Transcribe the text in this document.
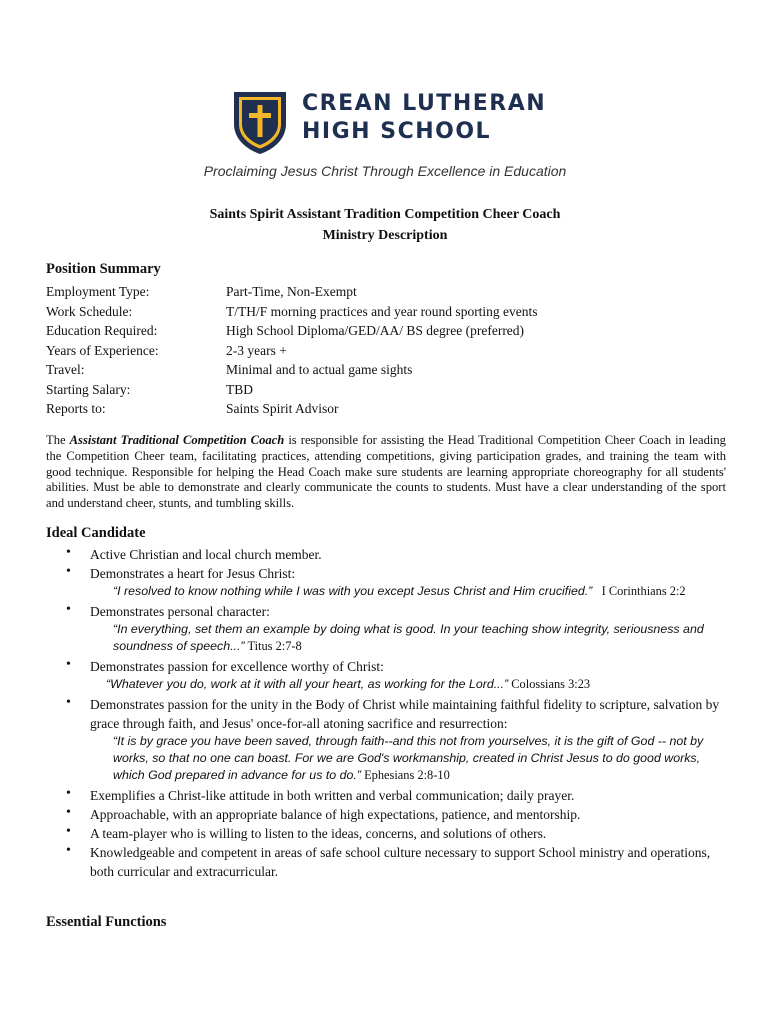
CREAN LUTHERAN
HIGH SCHOOL
Proclaiming Jesus Christ Through Excellence in Education
Saints Spirit Assistant Tradition Competition Cheer Coach
Ministry Description
Position Summary
Employment Type:	Part-Time, Non-Exempt
Work Schedule:	T/TH/F morning practices and year round sporting events
Education Required:	High School Diploma/GED/AA/ BS degree (preferred)
Years of Experience:	2-3 years +
Travel:	Minimal and to actual game sights
Starting Salary:	TBD
Reports to:	Saints Spirit Advisor
The Assistant Traditional Competition Coach is responsible for assisting the Head Traditional Competition Cheer Coach in leading the Competition Cheer team, facilitating practices, attending competitions, giving participation grades, and training the team with good technique. Responsible for helping the Head Coach make sure students are learning appropriate choreography for all students' abilities. Must be able to demonstrate and clearly communicate the counts to students. Must have a clear understanding of the sport and understand cheer, stunts, and tumbling skills.
Ideal Candidate
• Active Christian and local church member.
• Demonstrates a heart for Jesus Christ:
“I resolved to know nothing while I was with you except Jesus Christ and Him crucified.” I Corinthians 2:2
• Demonstrates personal character:
“In everything, set them an example by doing what is good. In your teaching show integrity, seriousness and soundness of speech...” Titus 2:7-8
• Demonstrates passion for excellence worthy of Christ:
“Whatever you do, work at it with all your heart, as working for the Lord...” Colossians 3:23
• Demonstrates passion for the unity in the Body of Christ while maintaining faithful fidelity to scripture, salvation by grace through faith, and Jesus' once-for-all atoning sacrifice and resurrection:
“It is by grace you have been saved, through faith--and this not from yourselves, it is the gift of God -- not by works, so that no one can boast. For we are God's workmanship, created in Christ Jesus to do good works, which God prepared in advance for us to do.” Ephesians 2:8-10
• Exemplifies a Christ-like attitude in both written and verbal communication; daily prayer.
• Approachable, with an appropriate balance of high expectations, patience, and mentorship.
• A team-player who is willing to listen to the ideas, concerns, and solutions of others.
• Knowledgeable and competent in areas of safe school culture necessary to support School ministry and operations, both curricular and extracurricular.
Essential Functions
